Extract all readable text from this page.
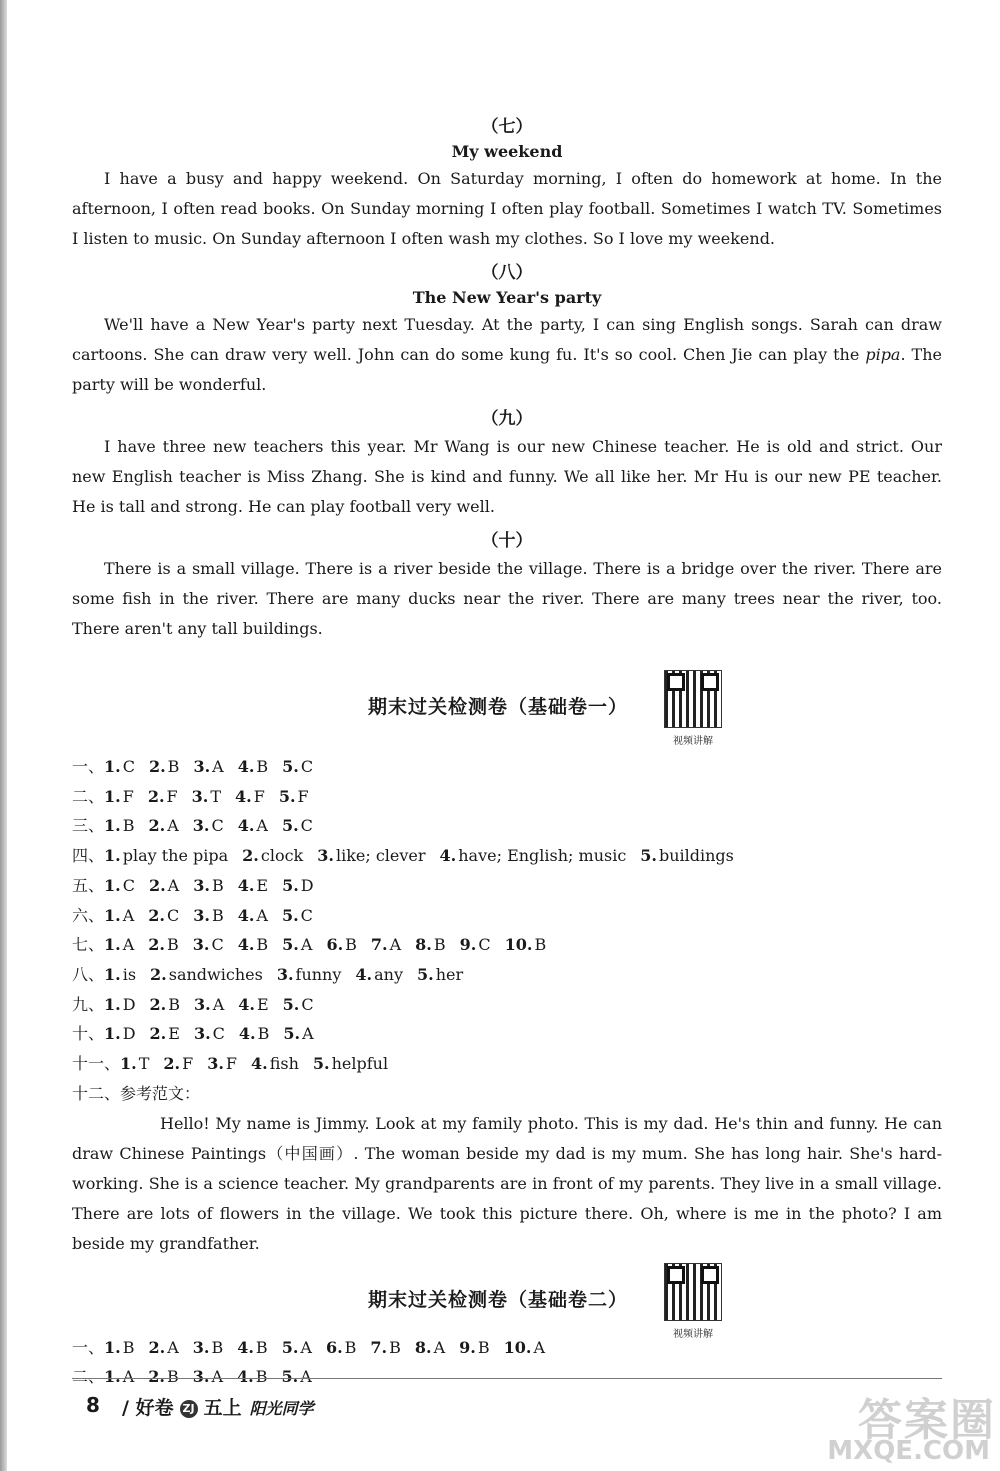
（七）
My weekend

I have a busy and happy weekend. On Saturday morning, I often do homework at home. In the afternoon, I often read books. On Sunday morning I often play football. Sometimes I watch TV. Sometimes I listen to music. On Sunday afternoon I often wash my clothes. So I love my weekend.

（八）
The New Year's party

We'll have a New Year's party next Tuesday. At the party, I can sing English songs. Sarah can draw cartoons. She can draw very well. John can do some kung fu. It's so cool. Chen Jie can play the pipa. The party will be wonderful.

（九）

I have three new teachers this year. Mr Wang is our new Chinese teacher. He is old and strict. Our new English teacher is Miss Zhang. She is kind and funny. We all like her. Mr Hu is our new PE teacher. He is tall and strong. He can play football very well.

（十）

There is a small village. There is a river beside the village. There is a bridge over the river. There are some fish in the river. There are many ducks near the river. There are many trees near the river, too. There aren't any tall buildings.

期末过关检测卷（基础卷一）
视频讲解

一、1. C 2. B 3. A 4. B 5. C

二、1. F 2. F 3. T 4. F 5. F

三、1. B 2. A 3. C 4. A 5. C

四、1. play the pipa 2. clock 3. like; clever 4. have; English; music 5. buildings

五、1. C 2. A 3. B 4. E 5. D

六、1. A 2. C 3. B 4. A 5. C

七、1. A 2. B 3. C 4. B 5. A 6. B 7. A 8. B 9. C 10. B

八、1. is 2. sandwiches 3. funny 4. any 5. her

九、1. D 2. B 3. A 4. E 5. C

十、1. D 2. E 3. C 4. B 5. A

十一、1. T 2. F 3. F 4. fish 5. helpful

十二、参考范文：

Hello! My name is Jimmy. Look at my family photo. This is my dad. He's thin and funny. He can draw Chinese Paintings（中国画）. The woman beside my dad is my mum. She has long hair. She's hard-working. She is a science teacher. My grandparents are in front of my parents. They live in a small village. There are lots of flowers in the village. We took this picture there. Oh, where is me in the photo? I am beside my grandfather.

期末过关检测卷（基础卷二）
视频讲解

一、1. B 2. A 3. B 4. B 5. A 6. B 7. B 8. A 9. B 10. A

二、1. A 2. B 3. A 4. B 5. A

8 / 好卷 ZJ 五上 阳光同学	答案圈
MXQE.COM
